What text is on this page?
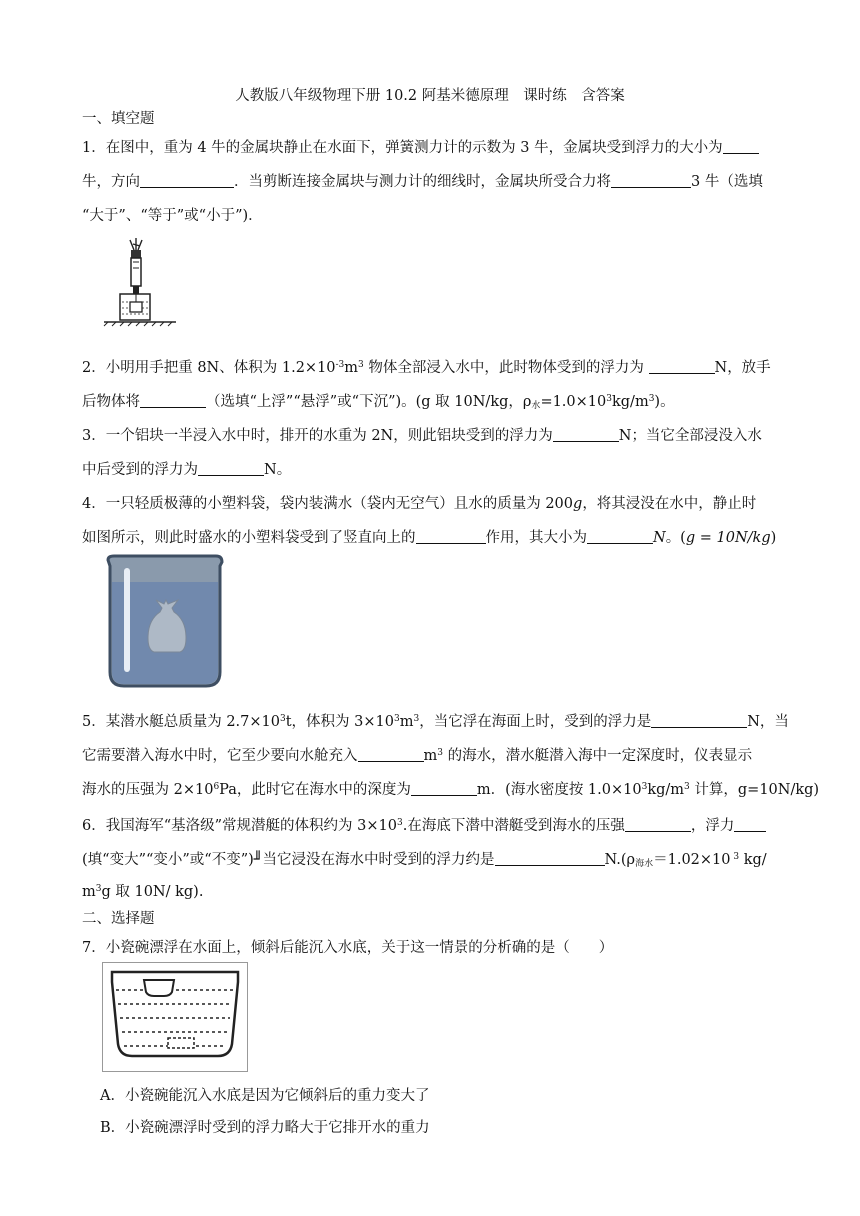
人教版八年级物理下册 10.2 阿基米德原理　课时练　含答案
一、填空题
1．在图中，重为 4 牛的金属块静止在水面下，弹簧测力计的示数为 3 牛，金属块受到浮力的大小为
牛，方向	．当剪断连接金属块与测力计的细线时，金属块所受合力将	3 牛（选填
“大于”、“等于”或“小于”)．
2．小明用手把重 8N、体积为 $1.2\times 10^{-3}m^3$ 物体全部浸入水中，此时物体受到的浮力为	N，放手
后物体将	（选填“上浮”“悬浮”或“下沉”)。(g 取 10N/kg，$\rho_水=1.0\times 10^3kg/m^3$)。
3．一个铝块一半浸入水中时，排开的水重为 2N，则此铝块受到的浮力为	N；当它全部浸没入水
中后受到的浮力为	N。
4．一只轻质极薄的小塑料袋，袋内装满水（袋内无空气）且水的质量为 200g，将其浸没在水中，静止时
如图所示，则此时盛水的小塑料袋受到了竖直向上的	作用，其大小为	N。(g = 10N/kg)
5．某潜水艇总质量为 $2.7\times 10^3t$，体积为 $3\times 10^3m^3$，当它浮在海面上时，受到的浮力是	N，当
它需要潜入海水中时，它至少要向水舱充入	$m^3$ 的海水，潜水艇潜入海中一定深度时，仪表显示
海水的压强为 $2\times 10^6Pa$，此时它在海水中的深度为	m．(海水密度按 $1.0\times 10^3kg/m^3$ 计算，g=10N/kg)
6．我国海军“基洛级”常规潜艇的体积约为 $3\times 10^3$.在海底下潜中潜艇受到海水的压强	，浮力
(填“变大”“变小”或“不变”)╜当它浸没在海水中时受到的浮力约是	$N.(\rho_{海水}=1.02\times 10$ $^3$ kg/
$m^3g$ 取 10N/ kg).
二、选择题
7．小瓷碗漂浮在水面上，倾斜后能沉入水底，关于这一情景的分析确的是（　　）
A．小瓷碗能沉入水底是因为它倾斜后的重力变大了
B．小瓷碗漂浮时受到的浮力略大于它排开水的重力
